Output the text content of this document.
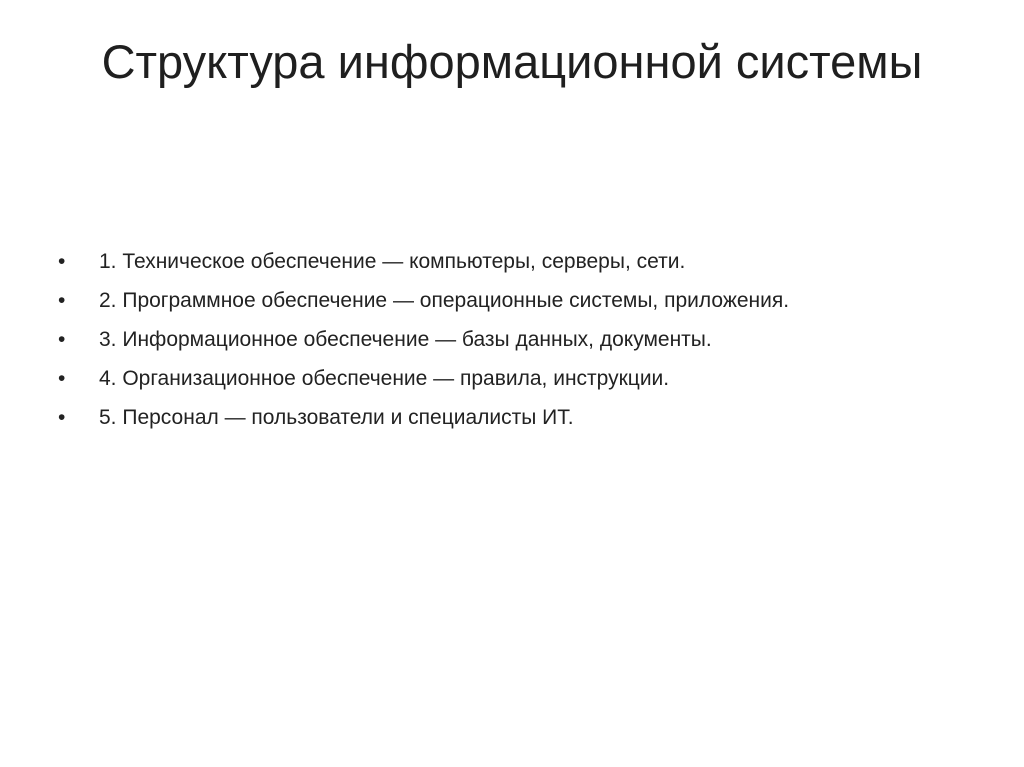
Структура информационной системы
•	1. Техническое обеспечение — компьютеры, серверы, сети.
•	2. Программное обеспечение — операционные системы, приложения.
•	3. Информационное обеспечение — базы данных, документы.
•	4. Организационное обеспечение — правила, инструкции.
•	5. Персонал — пользователи и специалисты ИТ.
